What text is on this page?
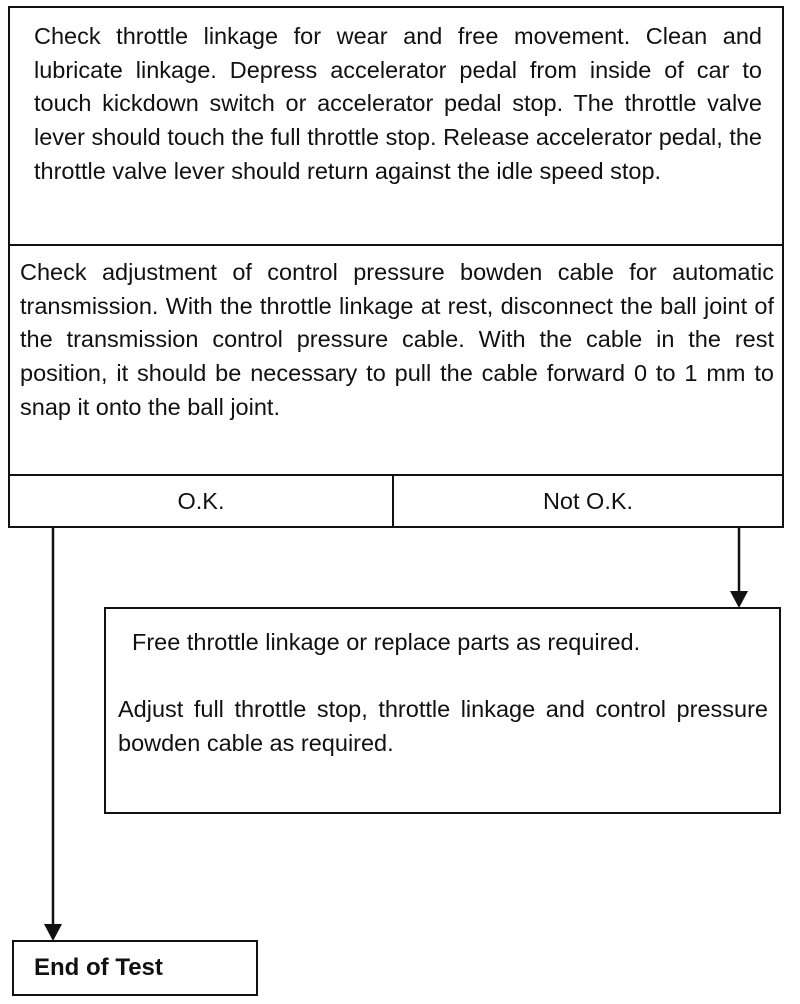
Check throttle linkage for wear and free movement. Clean and lubricate linkage. Depress accelerator pedal from inside of car to touch kickdown switch or accelerator pedal stop. The throttle valve lever should touch the full throttle stop. Release accelerator pedal, the throttle valve lever should return against the idle speed stop.

Check adjustment of control pressure bowden cable for automatic transmission. With the throttle linkage at rest, disconnect the ball joint of the transmission control pressure cable. With the cable in the rest position, it should be necessary to pull the cable forward 0 to 1 mm to snap it onto the ball joint.

O.K.	Not O.K.
Free throttle linkage or replace parts as required.

Adjust full throttle stop, throttle linkage and control pressure bowden cable as required.

End of Test
